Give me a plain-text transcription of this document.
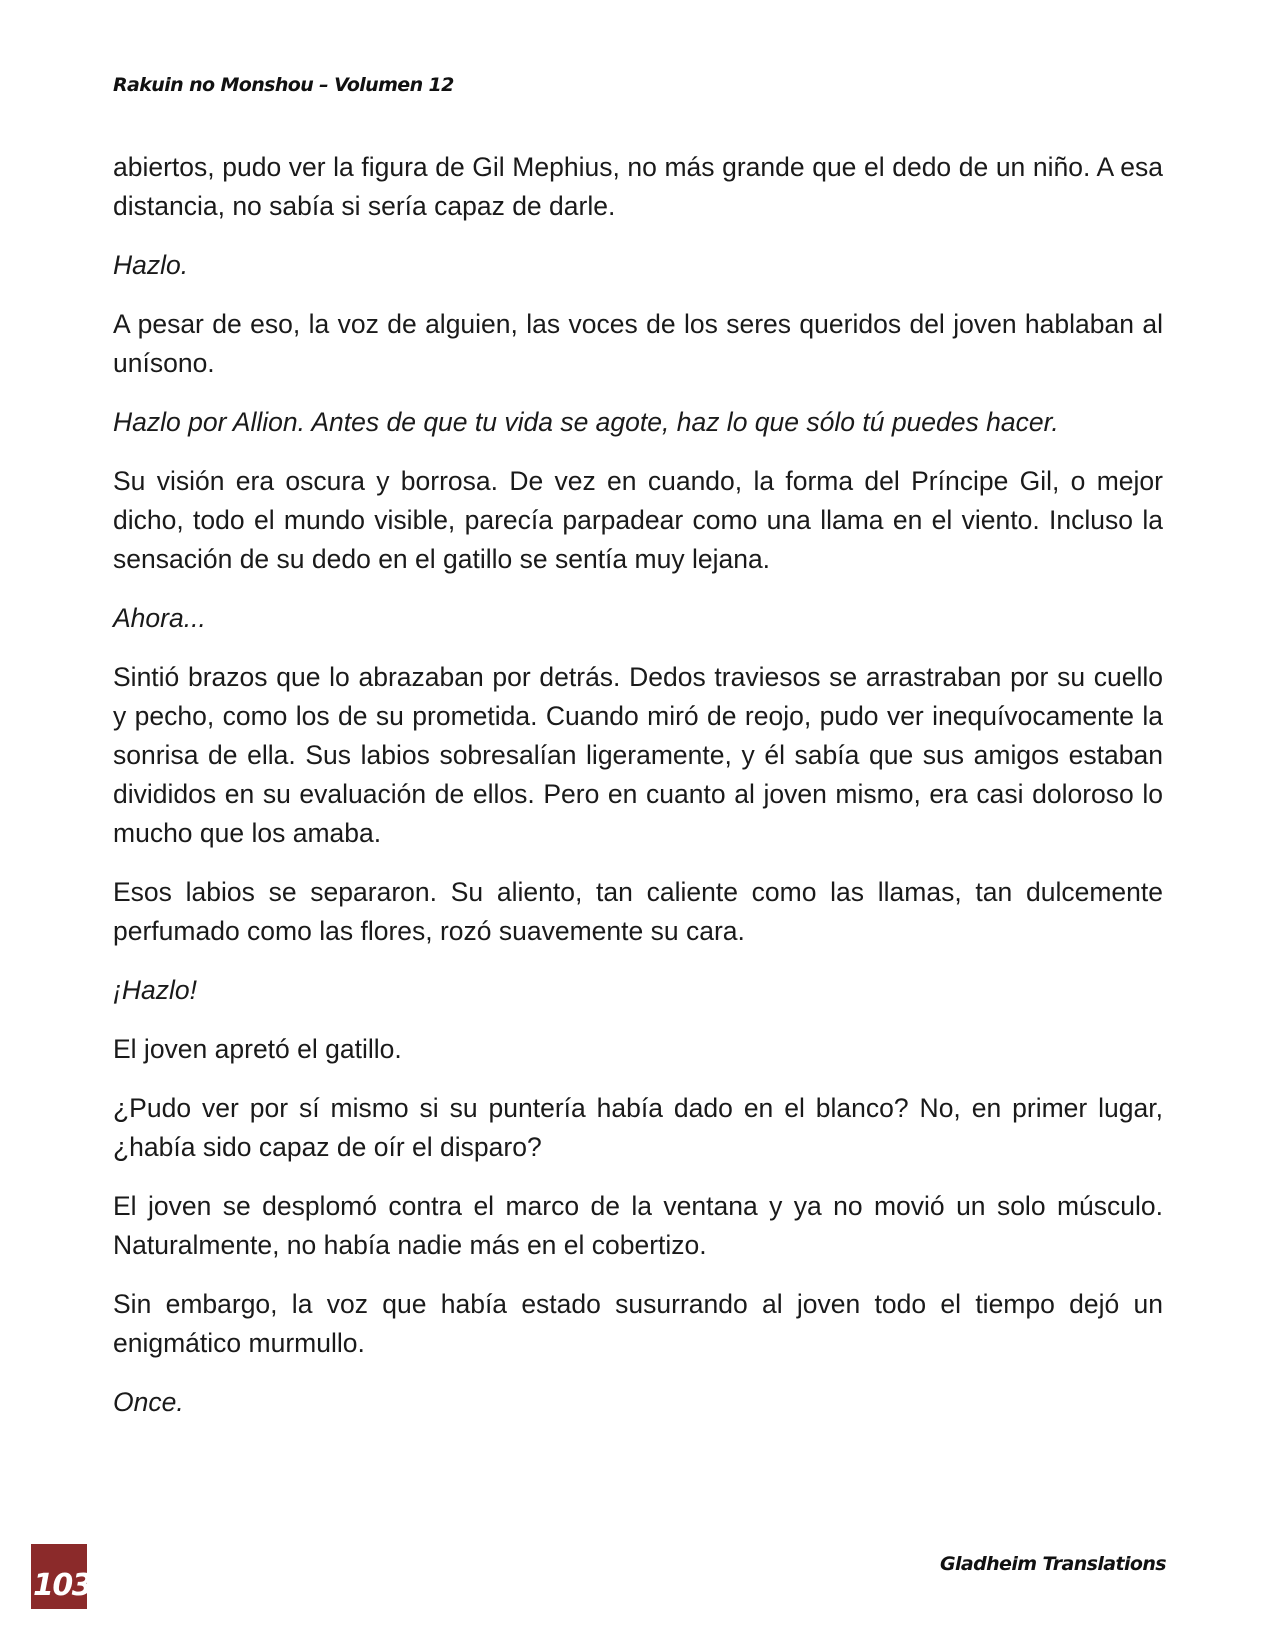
Rakuin no Monshou – Volumen 12

abiertos, pudo ver la figura de Gil Mephius, no más grande que el dedo de un niño. A esa distancia, no sabía si sería capaz de darle.

Hazlo.

A pesar de eso, la voz de alguien, las voces de los seres queridos del joven hablaban al unísono.

Hazlo por Allion. Antes de que tu vida se agote, haz lo que sólo tú puedes hacer.

Su visión era oscura y borrosa. De vez en cuando, la forma del Príncipe Gil, o mejor dicho, todo el mundo visible, parecía parpadear como una llama en el viento. Incluso la sensación de su dedo en el gatillo se sentía muy lejana.

Ahora...

Sintió brazos que lo abrazaban por detrás. Dedos traviesos se arrastraban por su cuello y pecho, como los de su prometida. Cuando miró de reojo, pudo ver inequívocamente la sonrisa de ella. Sus labios sobresalían ligeramente, y él sabía que sus amigos estaban divididos en su evaluación de ellos. Pero en cuanto al joven mismo, era casi doloroso lo mucho que los amaba.

Esos labios se separaron. Su aliento, tan caliente como las llamas, tan dulcemente perfumado como las flores, rozó suavemente su cara.

¡Hazlo!

El joven apretó el gatillo.

¿Pudo ver por sí mismo si su puntería había dado en el blanco? No, en primer lugar, ¿había sido capaz de oír el disparo?

El joven se desplomó contra el marco de la ventana y ya no movió un solo músculo. Naturalmente, no había nadie más en el cobertizo.

Sin embargo, la voz que había estado susurrando al joven todo el tiempo dejó un enigmático murmullo.

Once.

103
Gladheim Translations
